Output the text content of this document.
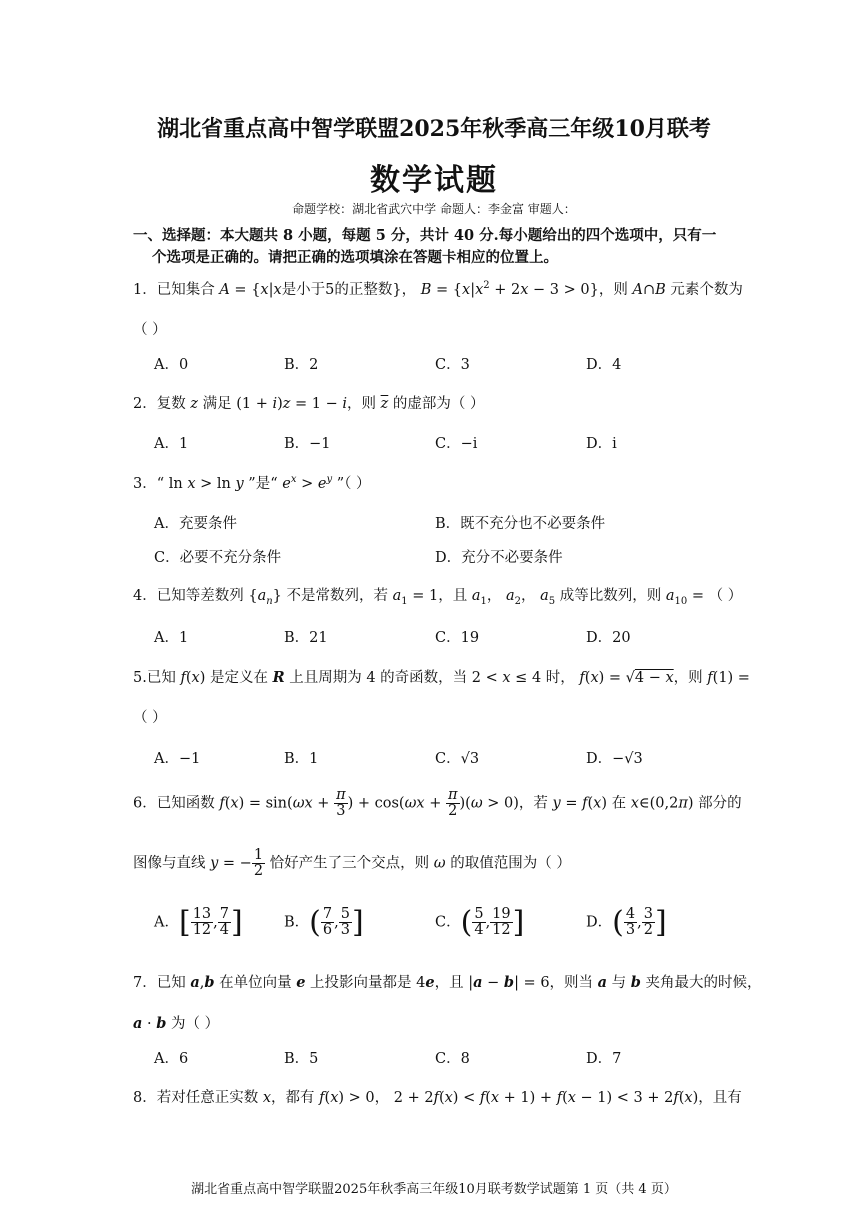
湖北省重点高中智学联盟2025年秋季高三年级10月联考
数学试题
命题学校：湖北省武穴中学 命题人：李金富 审题人：
一、选择题：本大题共 8 小题，每题 5 分，共计 40 分.每小题给出的四个选项中，只有一
个选项是正确的。请把正确的选项填涂在答题卡相应的位置上。
1．已知集合 A = {x|x是小于5的正整数}， $B = \{x|x^2 + 2x - 3 > 0\}$，则 A∩B 元素个数为
（ ）
A．0	B．2	C．3	D．4
2．复数 z 满足 (1 + i)z = 1 − i，则 $\overline{z}$ 的虚部为（ ）
A．1	B．−1	C．−i	D．i
3．“ ln x > ln y ”是“ $e^x > e^y$ ”（ ）
A．充要条件	B．既不充分也不必要条件
C．必要不充分条件	D．充分不必要条件
4．已知等差数列 $\{a_n\}$ 不是常数列，若 $a_1 = 1$，且 $a_1$， $a_2$， $a_5$ 成等比数列，则 $a_{10}$ = （ ）
A．1	B．21	C．19	D．20
5.已知 f(x) 是定义在 R 上且周期为 4 的奇函数，当 2 < x ≤ 4 时， f(x) = √4 − x，则 f(1) =
（ ）
A．−1	B．1	C．√3	D．−√3
6．已知函数 $f(x) = \sin(\omega x + \frac{\pi}{3}$ ) + $\cos(\omega x + \frac{\pi}{2} )(\omega > 0)$，若 y = f(x) 在 x∈(0,2π) 部分的
图像与直线 y = − $\frac{1}{2}$ 恰好产生了三个交点，则 ω 的取值范围为（ ）
A．[ $\frac{13}{12}$ , $\frac{7}{4}$ ]	B．( $\frac{7}{6}$ , $\frac{5}{3}$ ]	C．( $\frac{5}{4}$ , $\frac{19}{12}$ ]	D．( $\frac{4}{3}$ , $\frac{3}{2}$ ]
7．已知 a,b 在单位向量 e 上投影向量都是 4e，且 |a − b| = 6，则当 a 与 b 夹角最大的时候，
a · b 为（ ）
A．6	B．5	C．8	D．7
8．若对任意正实数 x，都有 f(x) > 0， 2 + 2f(x) < f(x + 1) + f(x − 1) < 3 + 2f(x)，且有
湖北省重点高中智学联盟2025年秋季高三年级10月联考数学试题第 1 页（共 4 页）
